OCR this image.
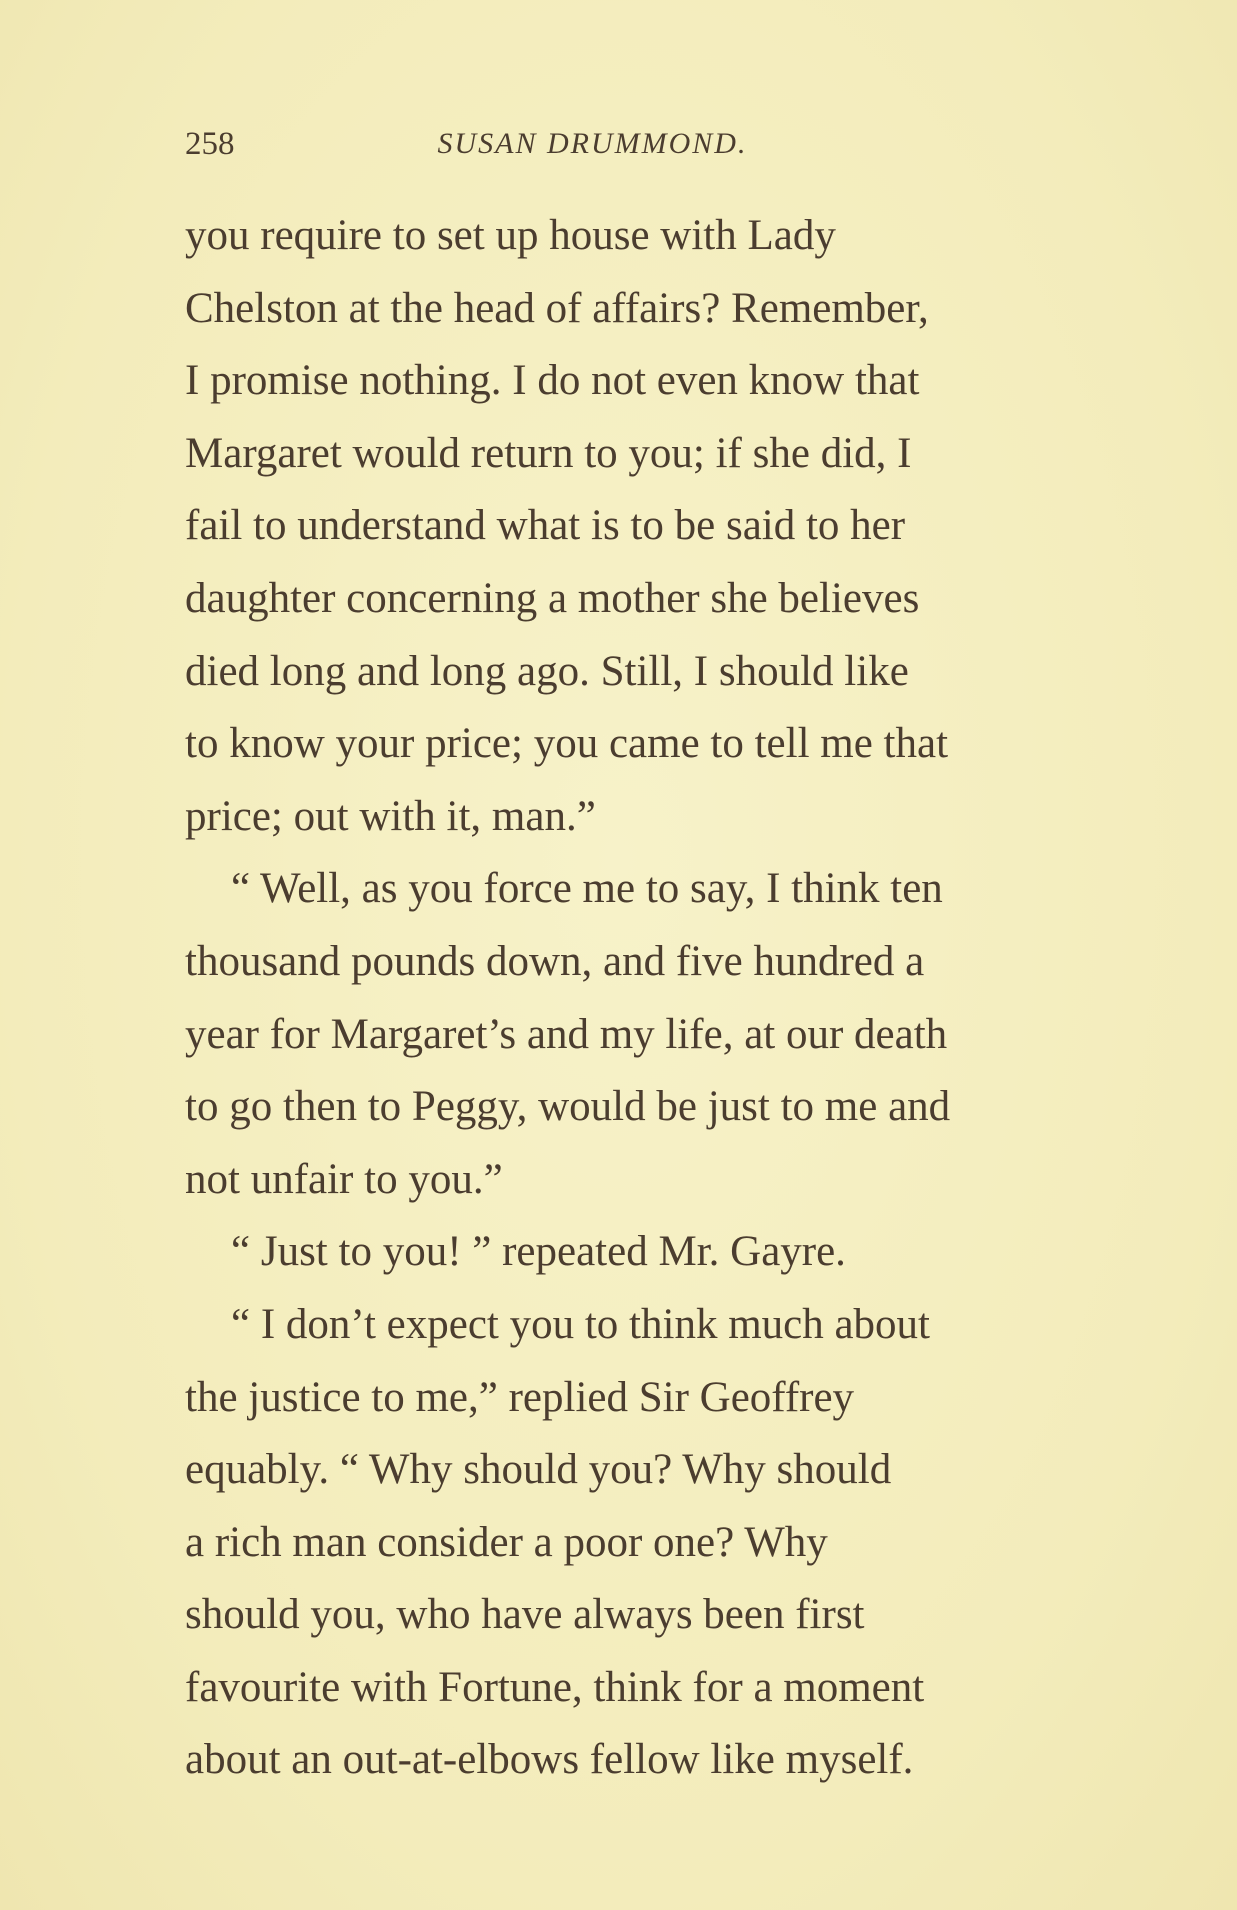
258	SUSAN DRUMMOND.
you require to set up house with Lady
Chelston at the head of affairs? Remember,
I promise nothing. I do not even know that
Margaret would return to you; if she did, I
fail to understand what is to be said to her
daughter concerning a mother she believes
died long and long ago. Still, I should like
to know your price; you came to tell me that
price; out with it, man.”
“ Well, as you force me to say, I think ten
thousand pounds down, and five hundred a
year for Margaret’s and my life, at our death
to go then to Peggy, would be just to me and
not unfair to you.”
“ Just to you! ” repeated Mr. Gayre.
“ I don’t expect you to think much about
the justice to me,” replied Sir Geoffrey
equably. “ Why should you? Why should
a rich man consider a poor one? Why
should you, who have always been first
favourite with Fortune, think for a moment
about an out-at-elbows fellow like myself.
